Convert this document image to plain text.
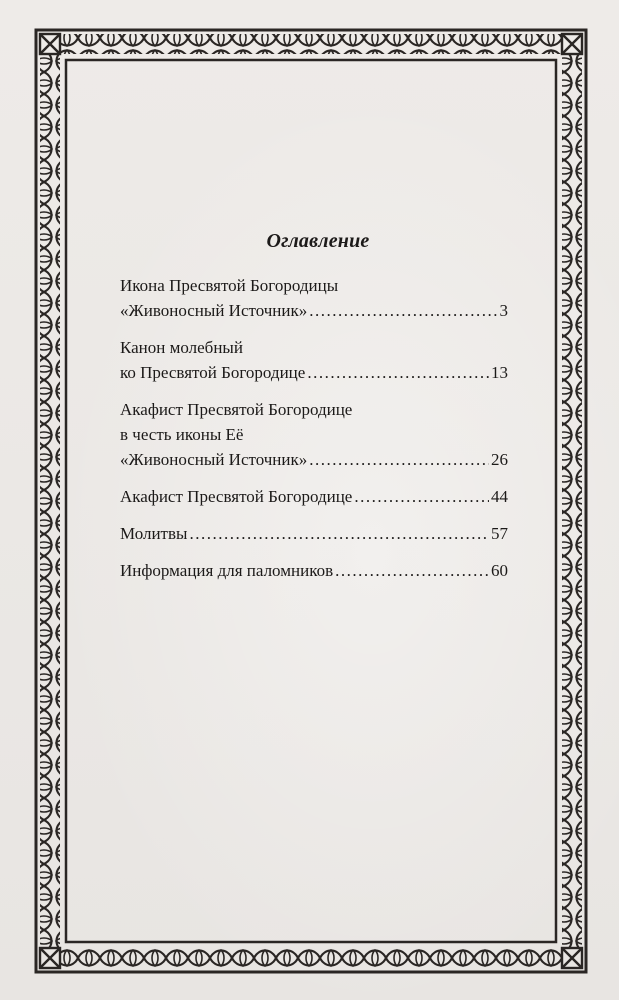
Оглавление
Икона Пресвятой Богородицы
«Живоносный Источник» .....	3
Канон молебный
ко Пресвятой Богородице .....	13
Акафист Пресвятой Богородице
в честь иконы Её
«Живоносный Источник» .....	26
Акафист Пресвятой Богородице .....	44
Молитвы .....	57
Информация для паломников .....	60
